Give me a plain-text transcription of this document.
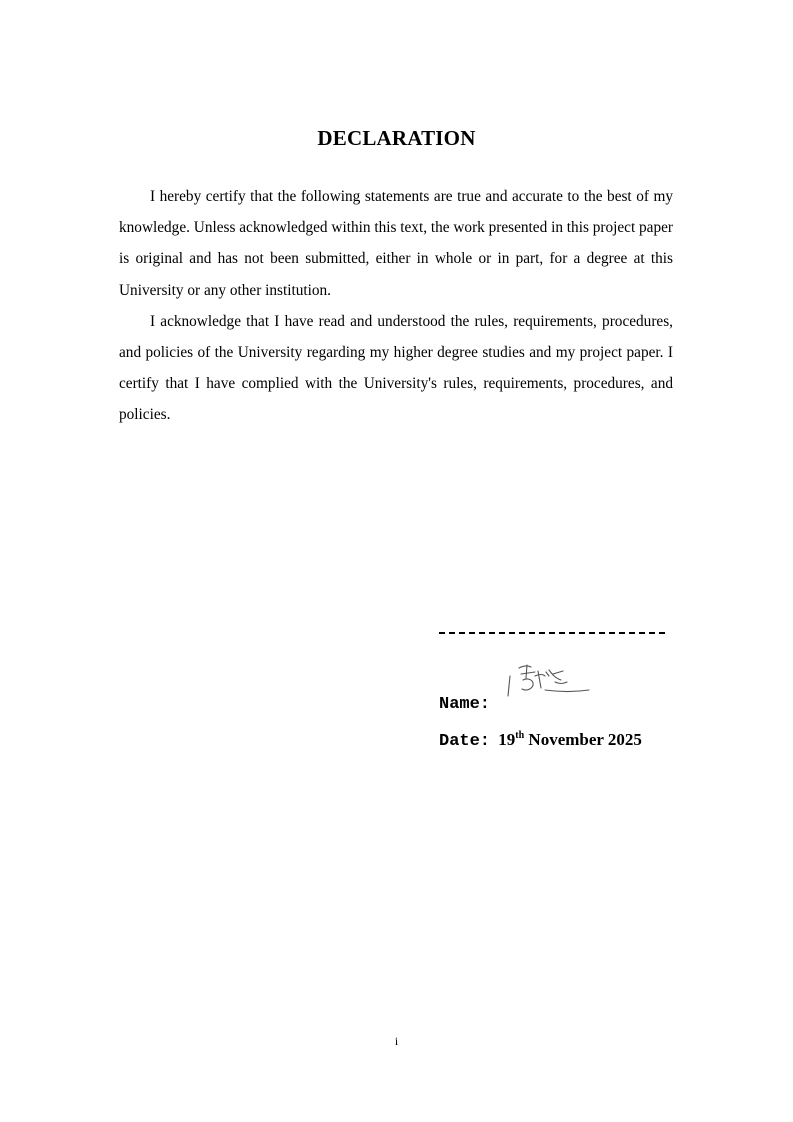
DECLARATION

I hereby certify that the following statements are true and accurate to the best of my knowledge. Unless acknowledged within this text, the work presented in this project paper is original and has not been submitted, either in whole or in part, for a degree at this University or any other institution.

I acknowledge that I have read and understood the rules, requirements, procedures, and policies of the University regarding my higher degree studies and my project paper. I certify that I have complied with the University's rules, requirements, procedures, and policies.

Name:
Date: 19th November 2025
i
